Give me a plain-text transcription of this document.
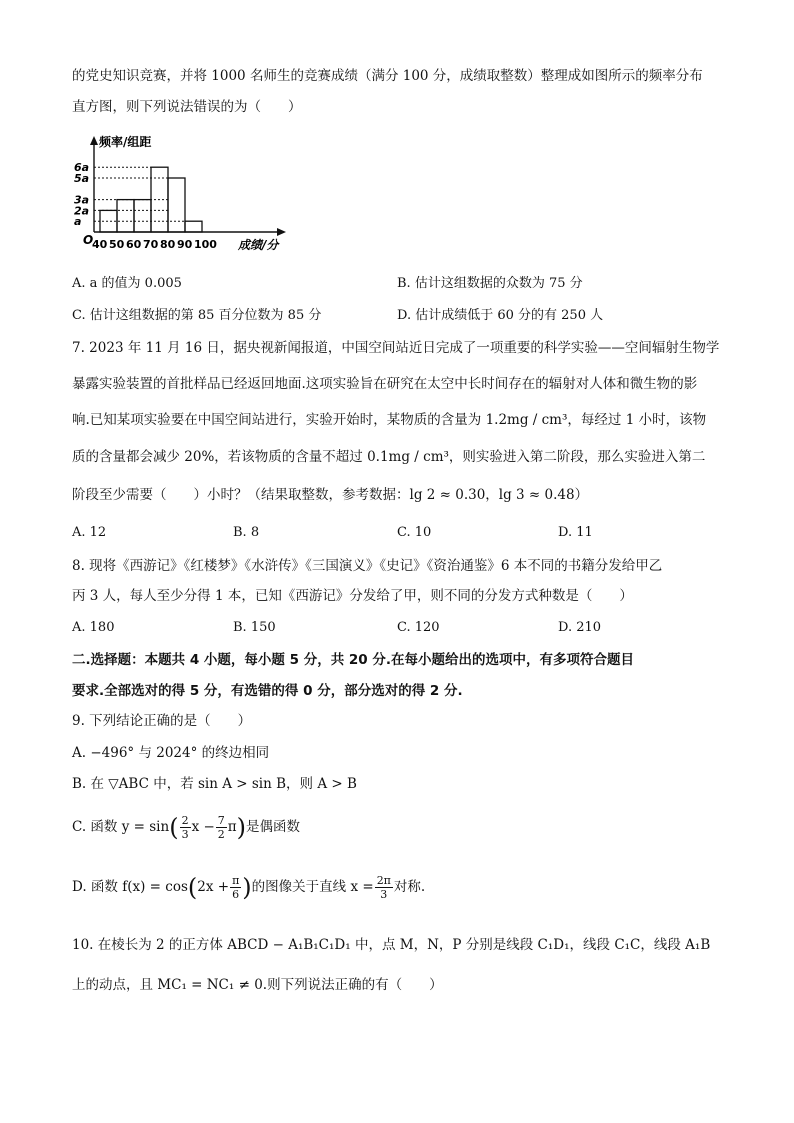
的党史知识竞赛，并将 1000 名师生的竞赛成绩（满分 100 分，成绩取整数）整理成如图所示的频率分布
直方图，则下列说法错误的为（　　）
频率/组距
O
6a
5a
3a
2a
a
40 50 60 70 80 90 100 成绩/分
A. a 的值为 0.005	B. 估计这组数据的众数为 75 分
C. 估计这组数据的第 85 百分位数为 85 分	D. 估计成绩低于 60 分的有 250 人
7. 2023 年 11 月 16 日，据央视新闻报道，中国空间站近日完成了一项重要的科学实验——空间辐射生物学
暴露实验装置的首批样品已经返回地面.这项实验旨在研究在太空中长时间存在的辐射对人体和微生物的影
响.已知某项实验要在中国空间站进行，实验开始时，某物质的含量为 1.2mg / cm³，每经过 1 小时，该物
质的含量都会减少 20%，若该物质的含量不超过 0.1mg / cm³，则实验进入第二阶段，那么实验进入第二
阶段至少需要（　　）小时？（结果取整数，参考数据：lg 2 ≈ 0.30，lg 3 ≈ 0.48）
A. 12	B. 8	C. 10	D. 11
8. 现将《西游记》《红楼梦》《水浒传》《三国演义》《史记》《资治通鉴》6 本不同的书籍分发给甲乙
丙 3 人，每人至少分得 1 本，已知《西游记》分发给了甲，则不同的分发方式种数是（　　）
A. 180	B. 150	C. 120	D. 210
二.选择题：本题共 4 小题，每小题 5 分，共 20 分.在每小题给出的选项中，有多项符合题目
要求.全部选对的得 5 分，有选错的得 0 分，部分选对的得 2 分.
9. 下列结论正确的是（　　）
A. −496° 与 2024° 的终边相同
B. 在 ▽ABC 中，若 sin A > sin B，则 A > B
C. 函数 $y = \sin( \frac{2}{3}$ $x - \frac{7}{2} \pi$)是偶函数
D. 函数 $f(x) = \cos(2x + \frac{\pi}{6}$ )的图像关于直线 $x = \frac{2\pi}{3}$ 对称.
10. 在棱长为 2 的正方体 ABCD − A₁B₁C₁D₁ 中，点 M，N，P 分别是线段 C₁D₁，线段 C₁C，线段 A₁B
上的动点，且 MC₁ = NC₁ ≠ 0.则下列说法正确的有（　　）
